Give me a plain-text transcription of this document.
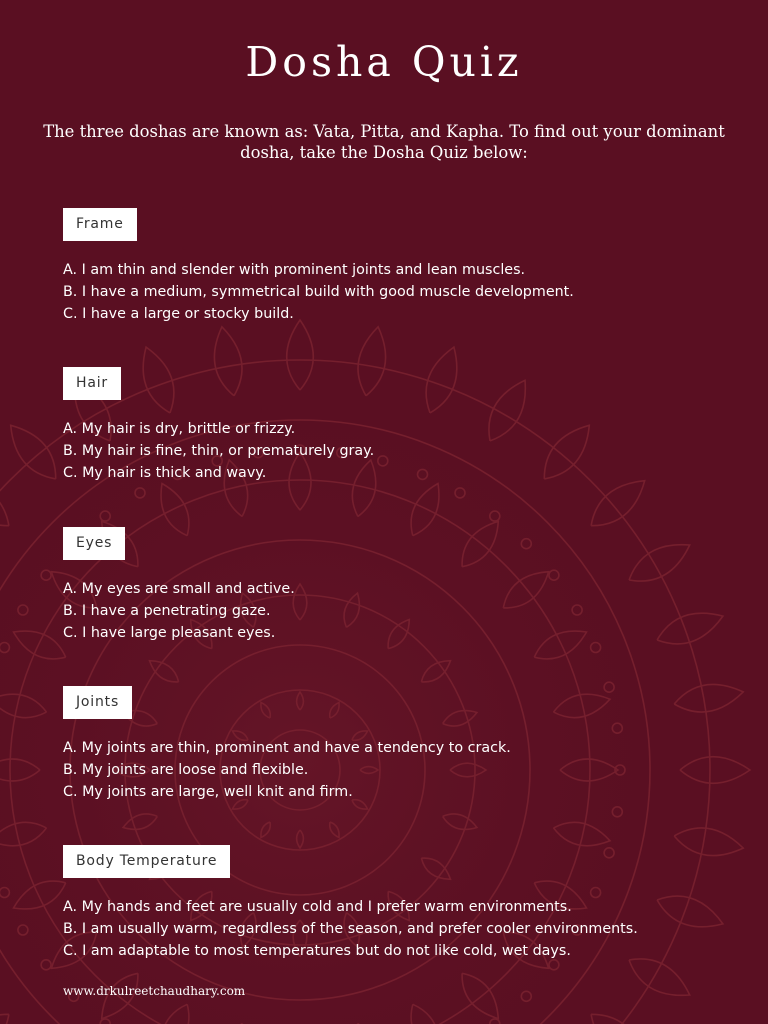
Dosha Quiz

The three doshas are known as: Vata, Pitta, and Kapha. To find out your dominant dosha, take the Dosha Quiz below:

Frame
A. I am thin and slender with prominent joints and lean muscles.
B. I have a medium, symmetrical build with good muscle development.
C. I have a large or stocky build.
Hair
A. My hair is dry, brittle or frizzy.
B. My hair is fine, thin, or prematurely gray.
C. My hair is thick and wavy.
Eyes
A. My eyes are small and active.
B. I have a penetrating gaze.
C. I have large pleasant eyes.
Joints
A. My joints are thin, prominent and have a tendency to crack.
B. My joints are loose and flexible.
C. My joints are large, well knit and firm.
Body Temperature
A. My hands and feet are usually cold and I prefer warm environments.
B. I am usually warm, regardless of the season, and prefer cooler environments.
C. I am adaptable to most temperatures but do not like cold, wet days.
www.drkulreetchaudhary.com
